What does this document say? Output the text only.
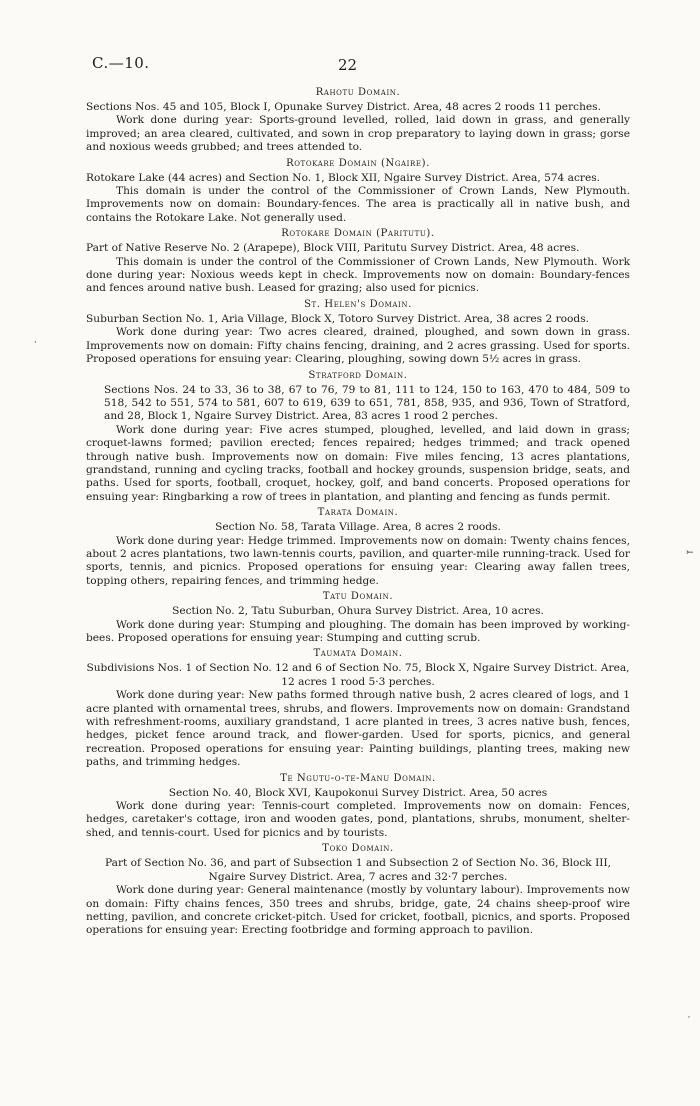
C.—10.	22
Rahotu Domain.

Sections Nos. 45 and 105, Block I, Opunake Survey District. Area, 48 acres 2 roods 11 perches.

Work done during year: Sports-ground levelled, rolled, laid down in grass, and generally improved; an area cleared, cultivated, and sown in crop preparatory to laying down in grass; gorse and noxious weeds grubbed; and trees attended to.

Rotokare Domain (Ngaire).

Rotokare Lake (44 acres) and Section No. 1, Block XII, Ngaire Survey District. Area, 574 acres.

This domain is under the control of the Commissioner of Crown Lands, New Plymouth. Improvements now on domain: Boundary-fences. The area is practically all in native bush, and contains the Rotokare Lake. Not generally used.

Rotokare Domain (Paritutu).

Part of Native Reserve No. 2 (Arapepe), Block VIII, Paritutu Survey District. Area, 48 acres.

This domain is under the control of the Commissioner of Crown Lands, New Plymouth. Work done during year: Noxious weeds kept in check. Improvements now on domain: Boundary-fences and fences around native bush. Leased for grazing; also used for picnics.

St. Helen's Domain.

Suburban Section No. 1, Aria Village, Block X, Totoro Survey District. Area, 38 acres 2 roods.

Work done during year: Two acres cleared, drained, ploughed, and sown down in grass. Improvements now on domain: Fifty chains fencing, draining, and 2 acres grassing. Used for sports. Proposed operations for ensuing year: Clearing, ploughing, sowing down 5½ acres in grass.

Stratford Domain.

Sections Nos. 24 to 33, 36 to 38, 67 to 76, 79 to 81, 111 to 124, 150 to 163, 470 to 484, 509 to 518, 542 to 551, 574 to 581, 607 to 619, 639 to 651, 781, 858, 935, and 936, Town of Stratford, and 28, Block 1, Ngaire Survey District. Area, 83 acres 1 rood 2 perches.

Work done during year: Five acres stumped, ploughed, levelled, and laid down in grass; croquet-lawns formed; pavilion erected; fences repaired; hedges trimmed; and track opened through native bush. Improvements now on domain: Five miles fencing, 13 acres plantations, grandstand, running and cycling tracks, football and hockey grounds, suspension bridge, seats, and paths. Used for sports, football, croquet, hockey, golf, and band concerts. Proposed operations for ensuing year: Ringbarking a row of trees in plantation, and planting and fencing as funds permit.

Tarata Domain.

Section No. 58, Tarata Village. Area, 8 acres 2 roods.

Work done during year: Hedge trimmed. Improvements now on domain: Twenty chains fences, about 2 acres plantations, two lawn-tennis courts, pavilion, and quarter-mile running-track. Used for sports, tennis, and picnics. Proposed operations for ensuing year: Clearing away fallen trees, topping others, repairing fences, and trimming hedge.

Tatu Domain.

Section No. 2, Tatu Suburban, Ohura Survey District. Area, 10 acres.

Work done during year: Stumping and ploughing. The domain has been improved by working-bees. Proposed operations for ensuing year: Stumping and cutting scrub.

Taumata Domain.

Subdivisions Nos. 1 of Section No. 12 and 6 of Section No. 75, Block X, Ngaire Survey District. Area, 12 acres 1 rood 5·3 perches.

Work done during year: New paths formed through native bush, 2 acres cleared of logs, and 1 acre planted with ornamental trees, shrubs, and flowers. Improvements now on domain: Grandstand with refreshment-rooms, auxiliary grandstand, 1 acre planted in trees, 3 acres native bush, fences, hedges, picket fence around track, and flower-garden. Used for sports, picnics, and general recreation. Proposed operations for ensuing year: Painting buildings, planting trees, making new paths, and trimming hedges.

Te Ngutu-o-te-Manu Domain.

Section No. 40, Block XVI, Kaupokonui Survey District. Area, 50 acres

Work done during year: Tennis-court completed. Improvements now on domain: Fences, hedges, caretaker's cottage, iron and wooden gates, pond, plantations, shrubs, monument, shelter-shed, and tennis-court. Used for picnics and by tourists.

Toko Domain.

Part of Section No. 36, and part of Subsection 1 and Subsection 2 of Section No. 36, Block III, Ngaire Survey District. Area, 7 acres and 32·7 perches.

Work done during year: General maintenance (mostly by voluntary labour). Improvements now on domain: Fifty chains fences, 350 trees and shrubs, bridge, gate, 24 chains sheep-proof wire netting, pavilion, and concrete cricket-pitch. Used for cricket, football, picnics, and sports. Proposed operations for ensuing year: Erecting footbridge and forming approach to pavilion.

·
⤚
′
